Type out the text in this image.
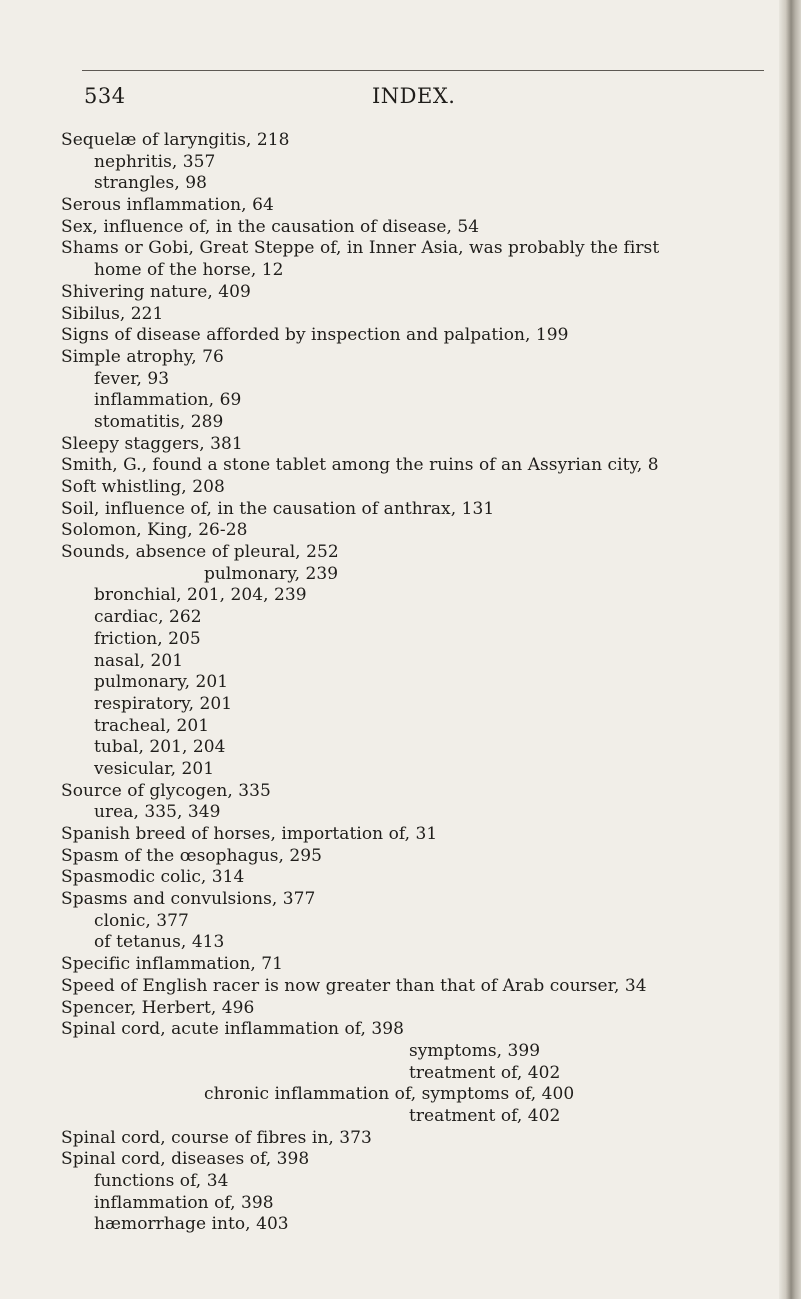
534	INDEX.
Sequelæ of laryngitis, 218
nephritis, 357
strangles, 98
Serous inflammation, 64
Sex, influence of, in the causation of disease, 54
Shams or Gobi, Great Steppe of, in Inner Asia, was probably the first
home of the horse, 12
Shivering nature, 409
Sibilus, 221
Signs of disease afforded by inspection and palpation, 199
Simple atrophy, 76
fever, 93
inflammation, 69
stomatitis, 289
Sleepy staggers, 381
Smith, G., found a stone tablet among the ruins of an Assyrian city, 8
Soft whistling, 208
Soil, influence of, in the causation of anthrax, 131
Solomon, King, 26-28
Sounds, absence of pleural, 252
pulmonary, 239
bronchial, 201, 204, 239
cardiac, 262
friction, 205
nasal, 201
pulmonary, 201
respiratory, 201
tracheal, 201
tubal, 201, 204
vesicular, 201
Source of glycogen, 335
urea, 335, 349
Spanish breed of horses, importation of, 31
Spasm of the œsophagus, 295
Spasmodic colic, 314
Spasms and convulsions, 377
clonic, 377
of tetanus, 413
Specific inflammation, 71
Speed of English racer is now greater than that of Arab courser, 34
Spencer, Herbert, 496
Spinal cord, acute inflammation of, 398
symptoms, 399
treatment of, 402
chronic inflammation of, symptoms of, 400
treatment of, 402
Spinal cord, course of fibres in, 373
Spinal cord, diseases of, 398
functions of, 34
inflammation of, 398
hæmorrhage into, 403
